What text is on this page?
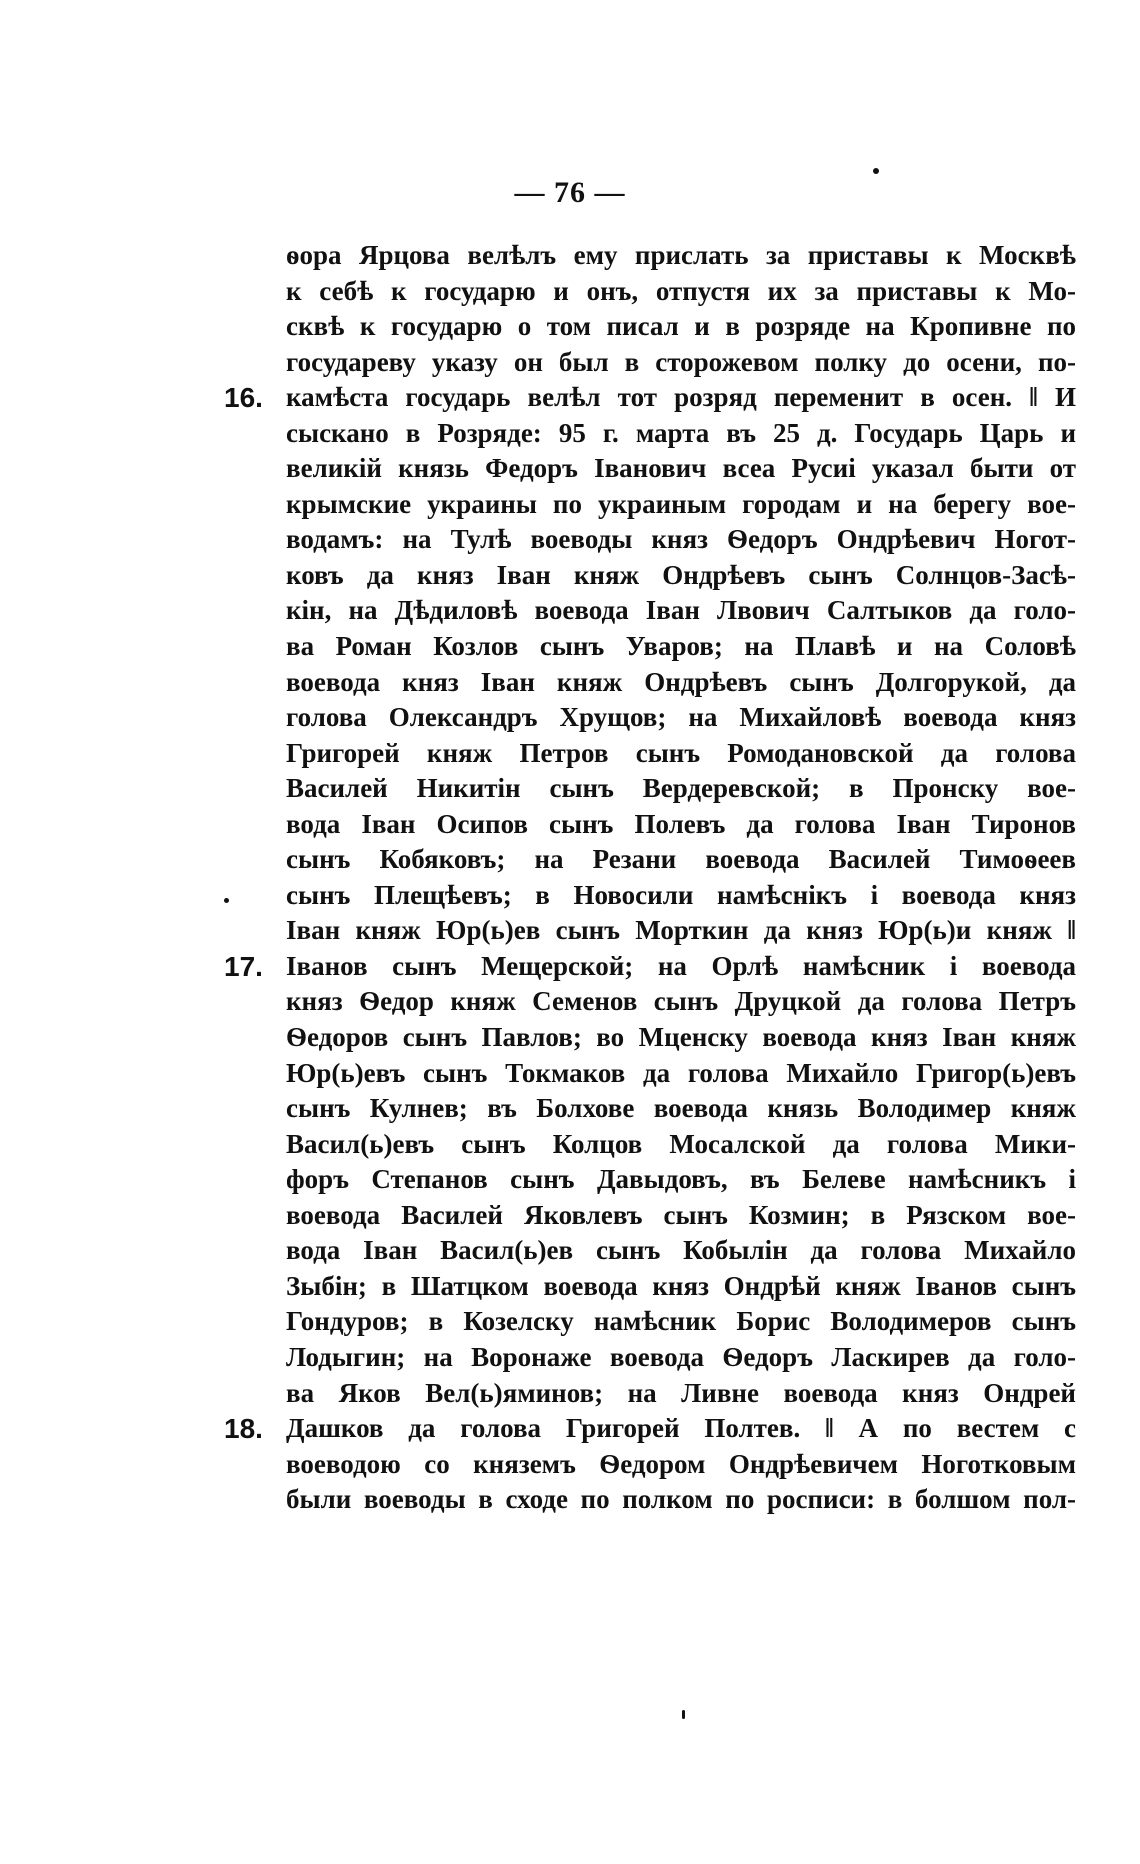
— 76 —
ѳора Ярцова велѣлъ ему прислать за приставы к Москвѣ
к себѣ к государю и онъ, отпустя их за приставы к Мо-
сквѣ к государю о том писал и в розряде на Кропивне по
государеву указу он был в сторожевом полку до осени, по-
16. камѣста государь велѣл тот розряд переменит в осен. ‖ И
сыскано в Розряде: 95 г. марта въ 25 д. Государь Царь и
великій князь Федоръ Іванович всеа Русиі указал быти от
крымские украины по украиным городам и на берегу вое-
водамъ: на Тулѣ воеводы княз Ѳедоръ Ондрѣевич Ногот-
ковъ да княз Іван княж Ондрѣевъ сынъ Солнцов-Засѣ-
кін, на Дѣдиловѣ воевода Іван Лвович Салтыков да голо-
ва Роман Козлов сынъ Уваров; на Плавѣ и на Соловѣ
воевода княз Іван княж Ондрѣевъ сынъ Долгорукой, да
голова Олександръ Хрущов; на Михайловѣ воевода княз
Григорей княж Петров сынъ Ромодановской да голова
Василей Никитін сынъ Вердеревской; в Пронску вое-
вода Іван Осипов сынъ Полевъ да голова Іван Тиронов
сынъ Кобяковъ; на Резани воевода Василей Тимоѳеев
сынъ Плещѣевъ; в Новосили намѣснікъ і воевода княз
Іван княж Юр(ь)ев сынъ Морткин да княз Юр(ь)и княж ‖
17. Іванов сынъ Мещерской; на Орлѣ намѣсник і воевода
княз Ѳедор княж Семенов сынъ Друцкой да голова Петръ
Ѳедоров сынъ Павлов; во Мценску воевода княз Іван княж
Юр(ь)евъ сынъ Токмаков да голова Михайло Григор(ь)евъ
сынъ Кулнев; въ Болхове воевода князь Володимер княж
Васил(ь)евъ сынъ Колцов Мосалской да голова Мики-
форъ Степанов сынъ Давыдовъ, въ Белеве намѣсникъ і
воевода Василей Яковлевъ сынъ Козмин; в Рязском вое-
вода Іван Васил(ь)ев сынъ Кобылін да голова Михайло
Зыбін; в Шатцком воевода княз Ондрѣй княж Іванов сынъ
Гондуров; в Козелску намѣсник Борис Володимеров сынъ
Лодыгин; на Воронаже воевода Ѳедоръ Ласкирев да голо-
ва Яков Вел(ь)яминов; на Ливне воевода княз Ондрей
18. Дашков да голова Григорей Полтев. ‖ А по вестем с
воеводою со княземъ Ѳедором Ондрѣевичем Ноготковым
были воеводы в сходе по полком по росписи: в болшом пол-
